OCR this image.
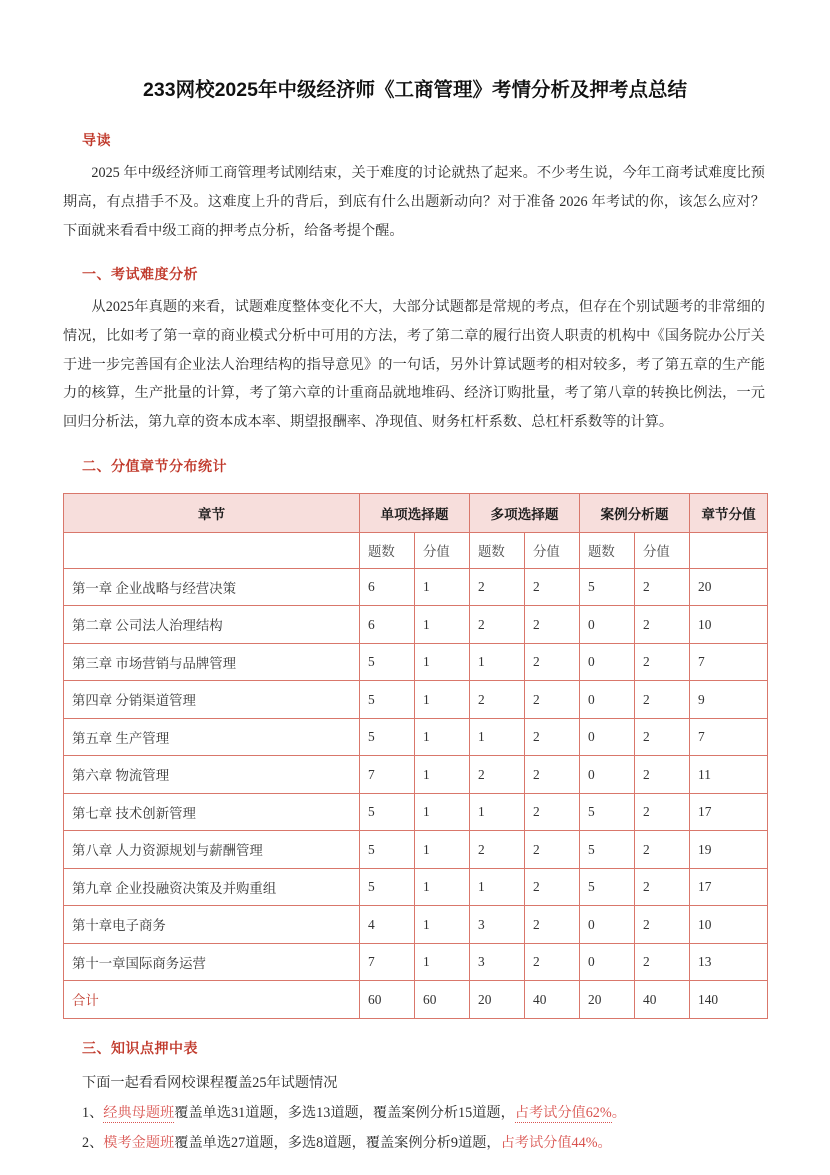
233网校2025年中级经济师《工商管理》考情分析及押考点总结
导读

2025 年中级经济师工商管理考试刚结束，关于难度的讨论就热了起来。不少考生说，今年工商考试难度比预期高，有点措手不及。这难度上升的背后，到底有什么出题新动向？对于准备 2026 年考试的你，该怎么应对？下面就来看看中级工商的押考点分析，给备考提个醒。

一、考试难度分析

从2025年真题的来看，试题难度整体变化不大，大部分试题都是常规的考点，但存在个别试题考的非常细的情况，比如考了第一章的商业模式分析中可用的方法，考了第二章的履行出资人职责的机构中《国务院办公厅关于进一步完善国有企业法人治理结构的指导意见》的一句话，另外计算试题考的相对较多，考了第五章的生产能力的核算，生产批量的计算，考了第六章的计重商品就地堆码、经济订购批量，考了第八章的转换比例法，一元回归分析法，第九章的资本成本率、期望报酬率、净现值、财务杠杆系数、总杠杆系数等的计算。

二、分值章节分布统计
章节	单项选择题		多项选择题		案例分析题		章节分值
	题数	分值	题数	分值	题数	分值	
第一章 企业战略与经营决策	6	1	2	2	5	2	20
第二章 公司法人治理结构	6	1	2	2	0	2	10
第三章 市场营销与品牌管理	5	1	1	2	0	2	7
第四章 分销渠道管理	5	1	2	2	0	2	9
第五章 生产管理	5	1	1	2	0	2	7
第六章 物流管理	7	1	2	2	0	2	11
第七章 技术创新管理	5	1	1	2	5	2	17
第八章 人力资源规划与薪酬管理	5	1	2	2	5	2	19
第九章 企业投融资决策及并购重组	5	1	1	2	5	2	17
第十章电子商务	4	1	3	2	0	2	10
第十一章国际商务运营	7	1	3	2	0	2	13
合计	60	60	20	40	20	40	140
三、知识点押中表

下面一起看看网校课程覆盖25年试题情况

1、经典母题班覆盖单选31道题，多选13道题，覆盖案例分析15道题，占考试分值62%。

2、模考金题班覆盖单选27道题，多选8道题，覆盖案例分析9道题，占考试分值44%。
